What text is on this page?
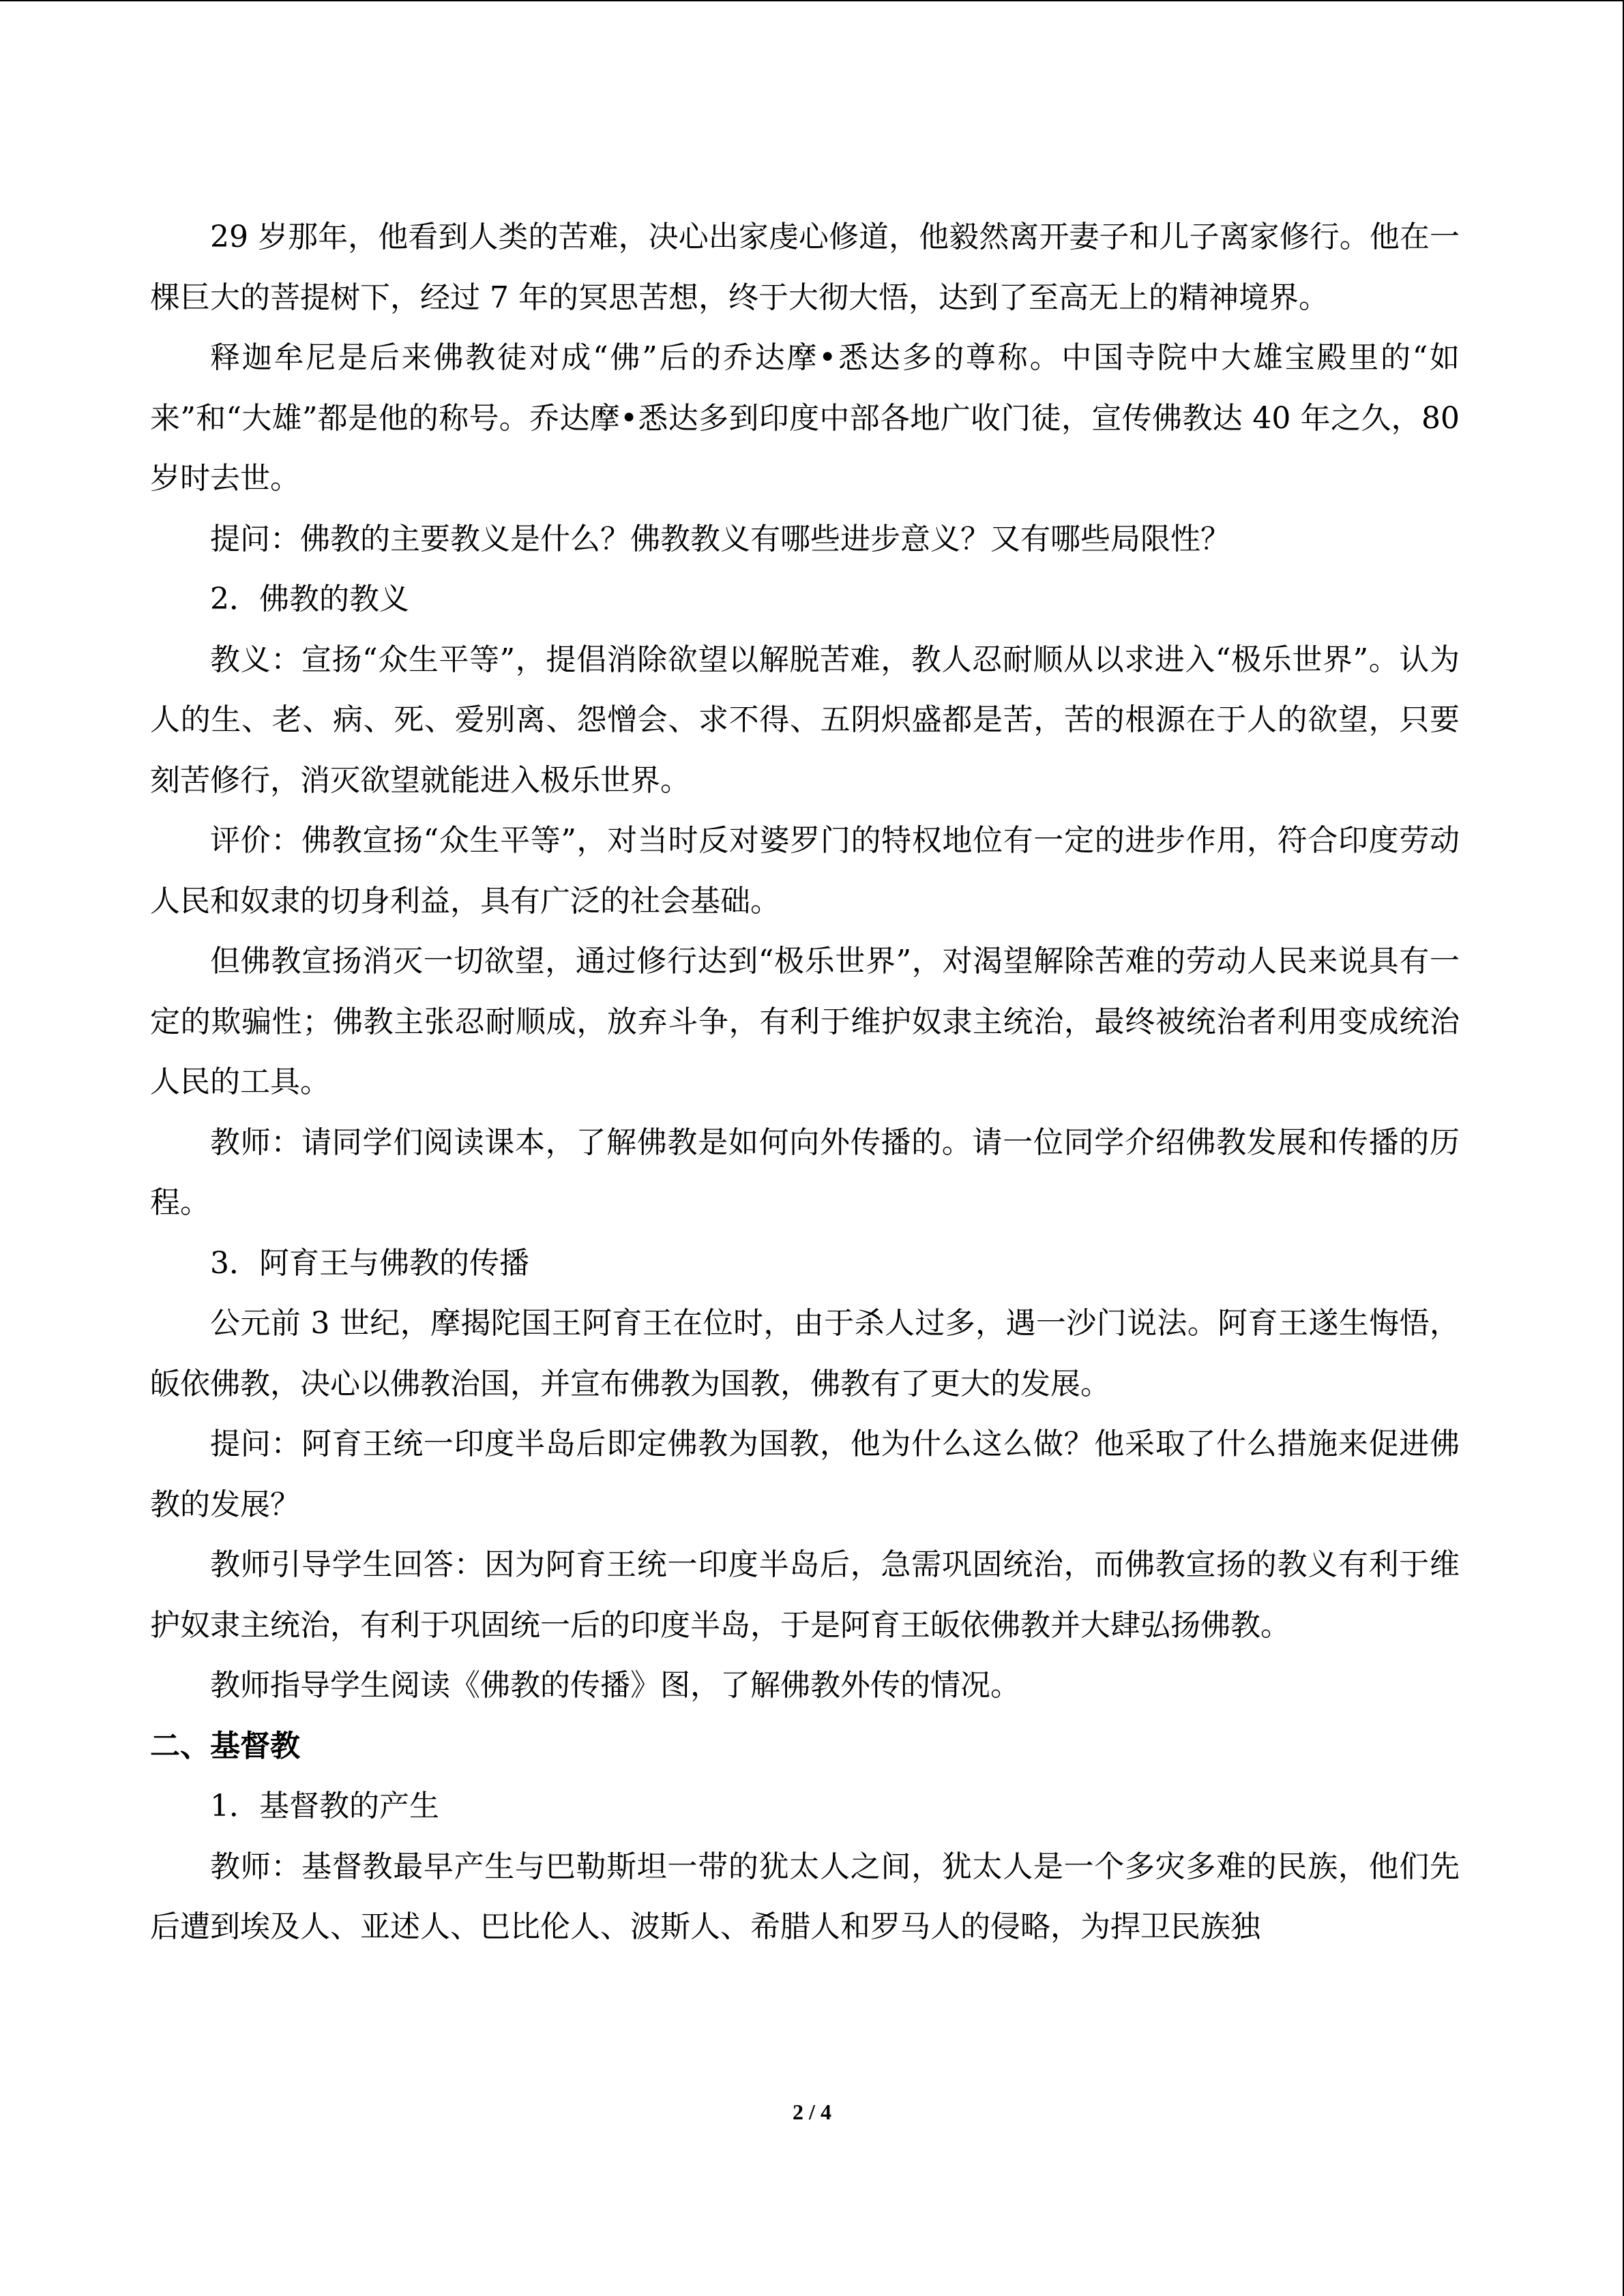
29 岁那年，他看到人类的苦难，决心出家虔心修道，他毅然离开妻子和儿子离家修行。他在一棵巨大的菩提树下，经过 7 年的冥思苦想，终于大彻大悟，达到了至高无上的精神境界。

释迦牟尼是后来佛教徒对成“佛”后的乔达摩•悉达多的尊称。中国寺院中大雄宝殿里的“如来”和“大雄”都是他的称号。乔达摩•悉达多到印度中部各地广收门徒，宣传佛教达 40 年之久，80 岁时去世。

提问：佛教的主要教义是什么？佛教教义有哪些进步意义？又有哪些局限性？

2．佛教的教义

教义：宣扬“众生平等”，提倡消除欲望以解脱苦难，教人忍耐顺从以求进入“极乐世界”。认为人的生、老、病、死、爱别离、怨憎会、求不得、五阴炽盛都是苦，苦的根源在于人的欲望，只要刻苦修行，消灭欲望就能进入极乐世界。

评价：佛教宣扬“众生平等”，对当时反对婆罗门的特权地位有一定的进步作用，符合印度劳动人民和奴隶的切身利益，具有广泛的社会基础。

但佛教宣扬消灭一切欲望，通过修行达到“极乐世界”，对渴望解除苦难的劳动人民来说具有一定的欺骗性；佛教主张忍耐顺成，放弃斗争，有利于维护奴隶主统治，最终被统治者利用变成统治人民的工具。

教师：请同学们阅读课本，了解佛教是如何向外传播的。请一位同学介绍佛教发展和传播的历程。

3．阿育王与佛教的传播

公元前 3 世纪，摩揭陀国王阿育王在位时，由于杀人过多，遇一沙门说法。阿育王遂生悔悟，皈依佛教，决心以佛教治国，并宣布佛教为国教，佛教有了更大的发展。

提问：阿育王统一印度半岛后即定佛教为国教，他为什么这么做？他采取了什么措施来促进佛教的发展？

教师引导学生回答：因为阿育王统一印度半岛后，急需巩固统治，而佛教宣扬的教义有利于维护奴隶主统治，有利于巩固统一后的印度半岛，于是阿育王皈依佛教并大肆弘扬佛教。

教师指导学生阅读《佛教的传播》图，了解佛教外传的情况。

二、基督教

1．基督教的产生

教师：基督教最早产生与巴勒斯坦一带的犹太人之间，犹太人是一个多灾多难的民族，他们先后遭到埃及人、亚述人、巴比伦人、波斯人、希腊人和罗马人的侵略，为捍卫民族独

2 / 4
